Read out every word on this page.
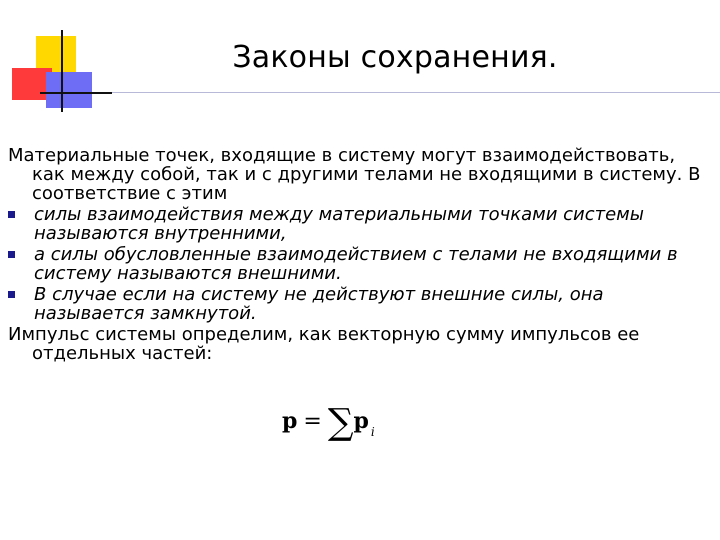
Законы сохранения.

Материальные точек, входящие в систему могут взаимодействовать, как между собой, так и с другими телами не входящими в систему. В соответствие с этим

силы взаимодействия между материальными точками системы называются внутренними,

а силы обусловленные взаимодействием с телами не входящими в систему называются внешними.

В случае если на систему не действуют внешние силы, она называется замкнутой.

Импульс системы определим, как векторную сумму импульсов ее отдельных частей:

p = ∑ p i
